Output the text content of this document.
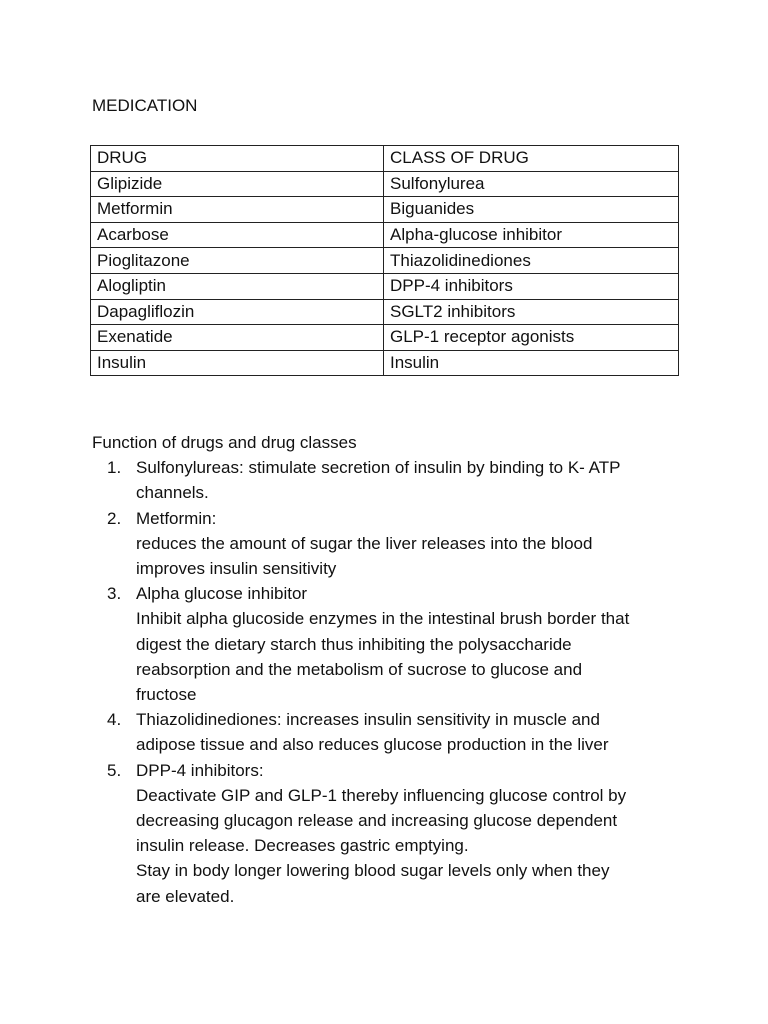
MEDICATION
DRUG	CLASS OF DRUG
Glipizide	Sulfonylurea
Metformin	Biguanides
Acarbose	Alpha-glucose inhibitor
Pioglitazone	Thiazolidinediones
Alogliptin	DPP-4 inhibitors
Dapagliflozin	SGLT2 inhibitors
Exenatide	GLP-1 receptor agonists
Insulin	Insulin
Function of drugs and drug classes
1. Sulfonylureas: stimulate secretion of insulin by binding to K- ATP
channels.
2. Metformin:
reduces the amount of sugar the liver releases into the blood
improves insulin sensitivity
3. Alpha glucose inhibitor
Inhibit alpha glucoside enzymes in the intestinal brush border that
digest the dietary starch thus inhibiting the polysaccharide
reabsorption and the metabolism of sucrose to glucose and
fructose
4. Thiazolidinediones: increases insulin sensitivity in muscle and
adipose tissue and also reduces glucose production in the liver
5. DPP-4 inhibitors:
Deactivate GIP and GLP-1 thereby influencing glucose control by
decreasing glucagon release and increasing glucose dependent
insulin release. Decreases gastric emptying.
Stay in body longer lowering blood sugar levels only when they
are elevated.
